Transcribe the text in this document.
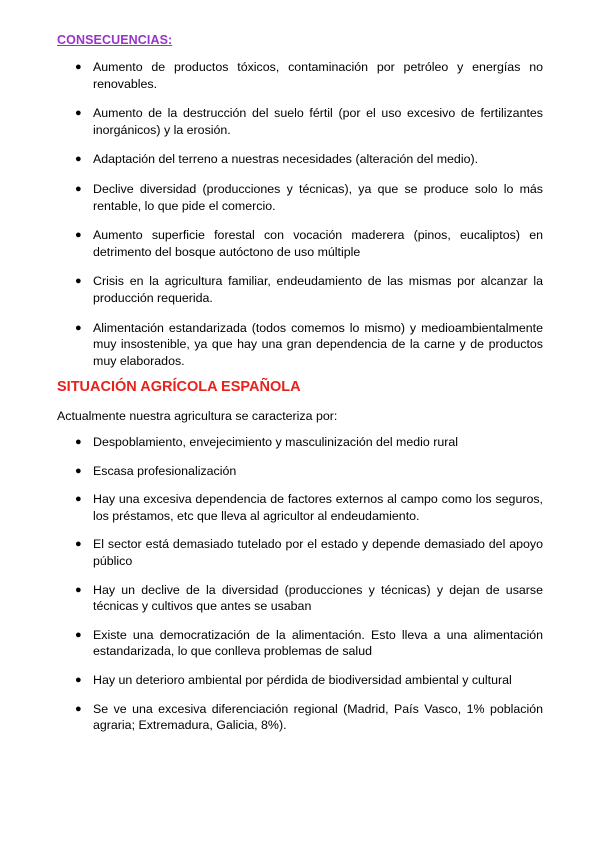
CONSECUENCIAS:
● Aumento de productos tóxicos, contaminación por petróleo y energías no renovables.
● Aumento de la destrucción del suelo fértil (por el uso excesivo de fertilizantes inorgánicos) y la erosión.
● Adaptación del terreno a nuestras necesidades (alteración del medio).
● Declive diversidad (producciones y técnicas), ya que se produce solo lo más rentable, lo que pide el comercio.
● Aumento superficie forestal con vocación maderera (pinos, eucaliptos) en detrimento del bosque autóctono de uso múltiple
● Crisis en la agricultura familiar, endeudamiento de las mismas por alcanzar la producción requerida.
● Alimentación estandarizada (todos comemos lo mismo) y medioambientalmente muy insostenible, ya que hay una gran dependencia de la carne y de productos muy elaborados.
SITUACIÓN AGRÍCOLA ESPAÑOLA
Actualmente nuestra agricultura se caracteriza por:
● Despoblamiento, envejecimiento y masculinización del medio rural
● Escasa profesionalización
● Hay una excesiva dependencia de factores externos al campo como los seguros, los préstamos, etc que lleva al agricultor al endeudamiento.
● El sector está demasiado tutelado por el estado y depende demasiado del apoyo público
● Hay un declive de la diversidad (producciones y técnicas) y dejan de usarse técnicas y cultivos que antes se usaban
● Existe una democratización de la alimentación. Esto lleva a una alimentación estandarizada, lo que conlleva problemas de salud
● Hay un deterioro ambiental por pérdida de biodiversidad ambiental y cultural
● Se ve una excesiva diferenciación regional (Madrid, País Vasco, 1% población agraria; Extremadura, Galicia, 8%).
